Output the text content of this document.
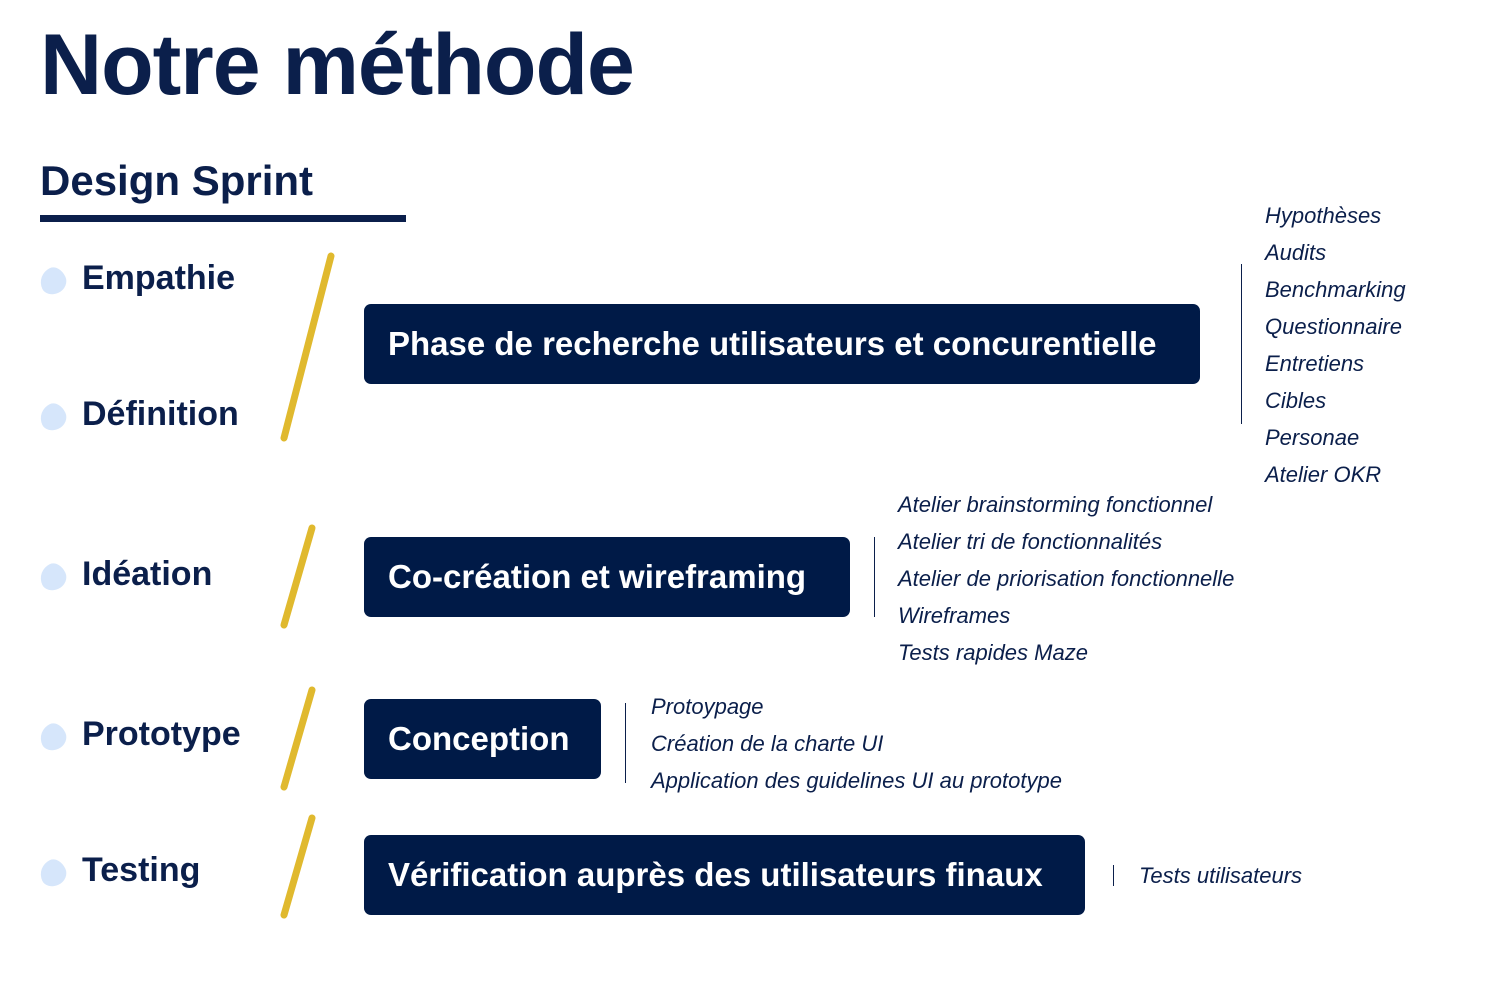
Notre méthode
Design Sprint
Empathie
Définition
Idéation
Prototype
Testing
Phase de recherche utilisateurs et concurentielle
Co-création et wireframing
Conception
Vérification auprès des utilisateurs finaux
Hypothèses
Audits
Benchmarking
Questionnaire
Entretiens
Cibles
Personae
Atelier OKR
Atelier brainstorming fonctionnel
Atelier tri de fonctionnalités
Atelier de priorisation fonctionnelle
Wireframes
Tests rapides Maze
Protoypage
Création de la charte UI
Application des guidelines UI au prototype
Tests utilisateurs
